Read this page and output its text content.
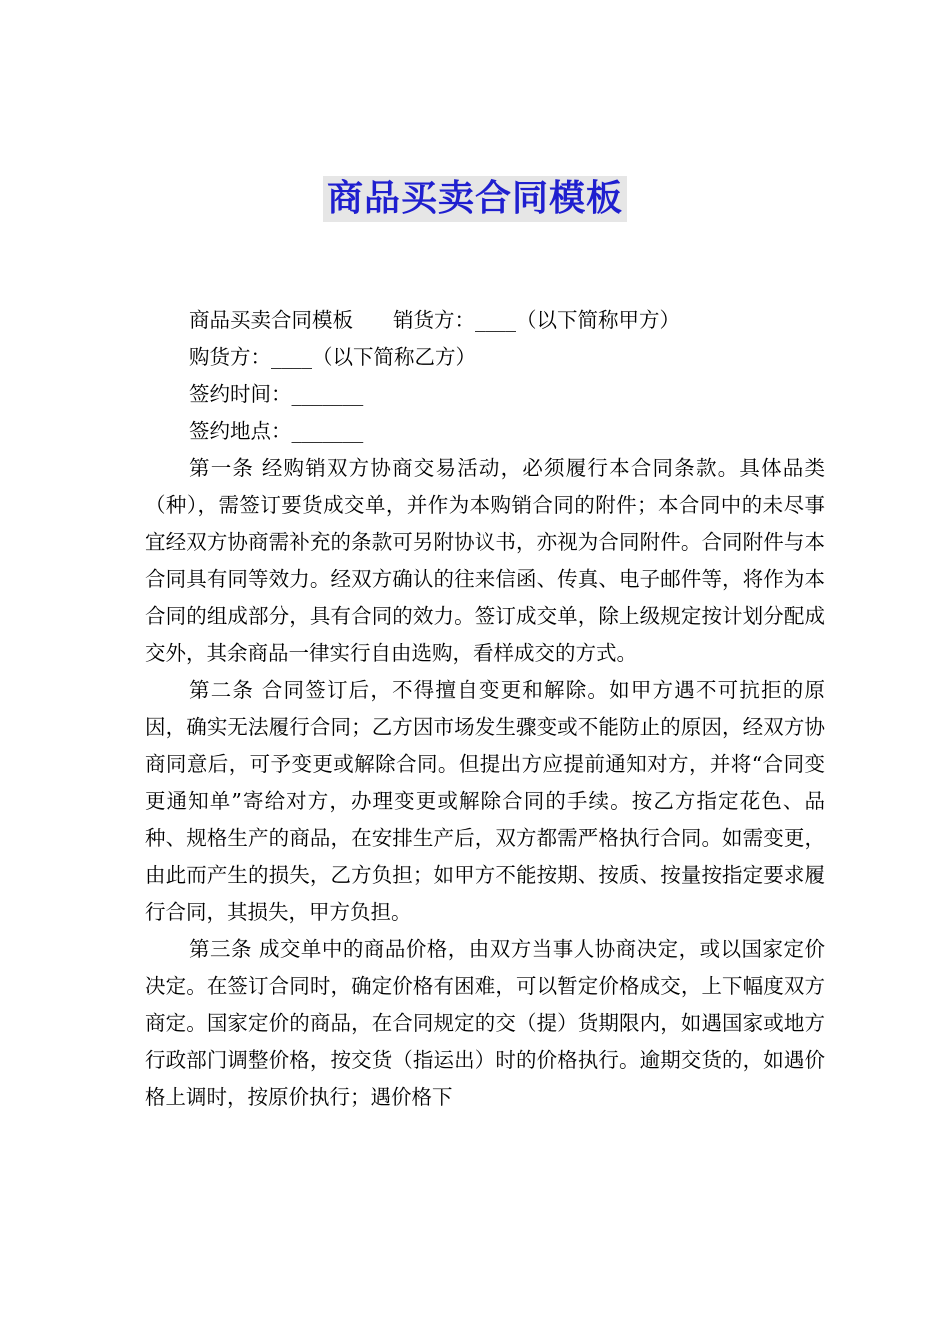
商品买卖合同模板

商品买卖合同模板 销货方：____（以下简称甲方）

购货方：____（以下简称乙方）

签约时间：_______

签约地点：_______

第一条 经购销双方协商交易活动，必须履行本合同条款。具体品类 （种），需签订要货成交单，并作为本购销合同的附件；本合同中的未尽事宜经双方协商需补充的条款可另附协议书，亦视为合同附件。合同附件与本合同具有同等效力。经双方确认的往来信函、传真、电子邮件等，将作为本合同的组成部分，具有合同的效力。签订成交单，除上级规定按计划分配成交外，其余商品一律实行自由选购，看样成交的方式。

第二条 合同签订后，不得擅自变更和解除。如甲方遇不可抗拒的原因，确实无法履行合同；乙方因市场发生骤变或不能防止的原因，经双方协商同意后，可予变更或解除合同。但提出方应提前通知对方，并将“合同变更通知单”寄给对方，办理变更或解除合同的手续。按乙方指定花色、品种、规格生产的商品，在安排生产后，双方都需严格执行合同。如需变更，由此而产生的损失，乙方负担；如甲方不能按期、按质、按量按指定要求履行合同，其损失，甲方负担。

第三条 成交单中的商品价格，由双方当事人协商决定，或以国家定价决定。在签订合同时，确定价格有困难，可以暂定价格成交，上下幅度双方商定。国家定价的商品，在合同规定的交（提）货期限内，如遇国家或地方行政部门调整价格，按交货（指运出）时的价格执行。逾期交货的，如遇价格上调时，按原价执行；遇价格下
